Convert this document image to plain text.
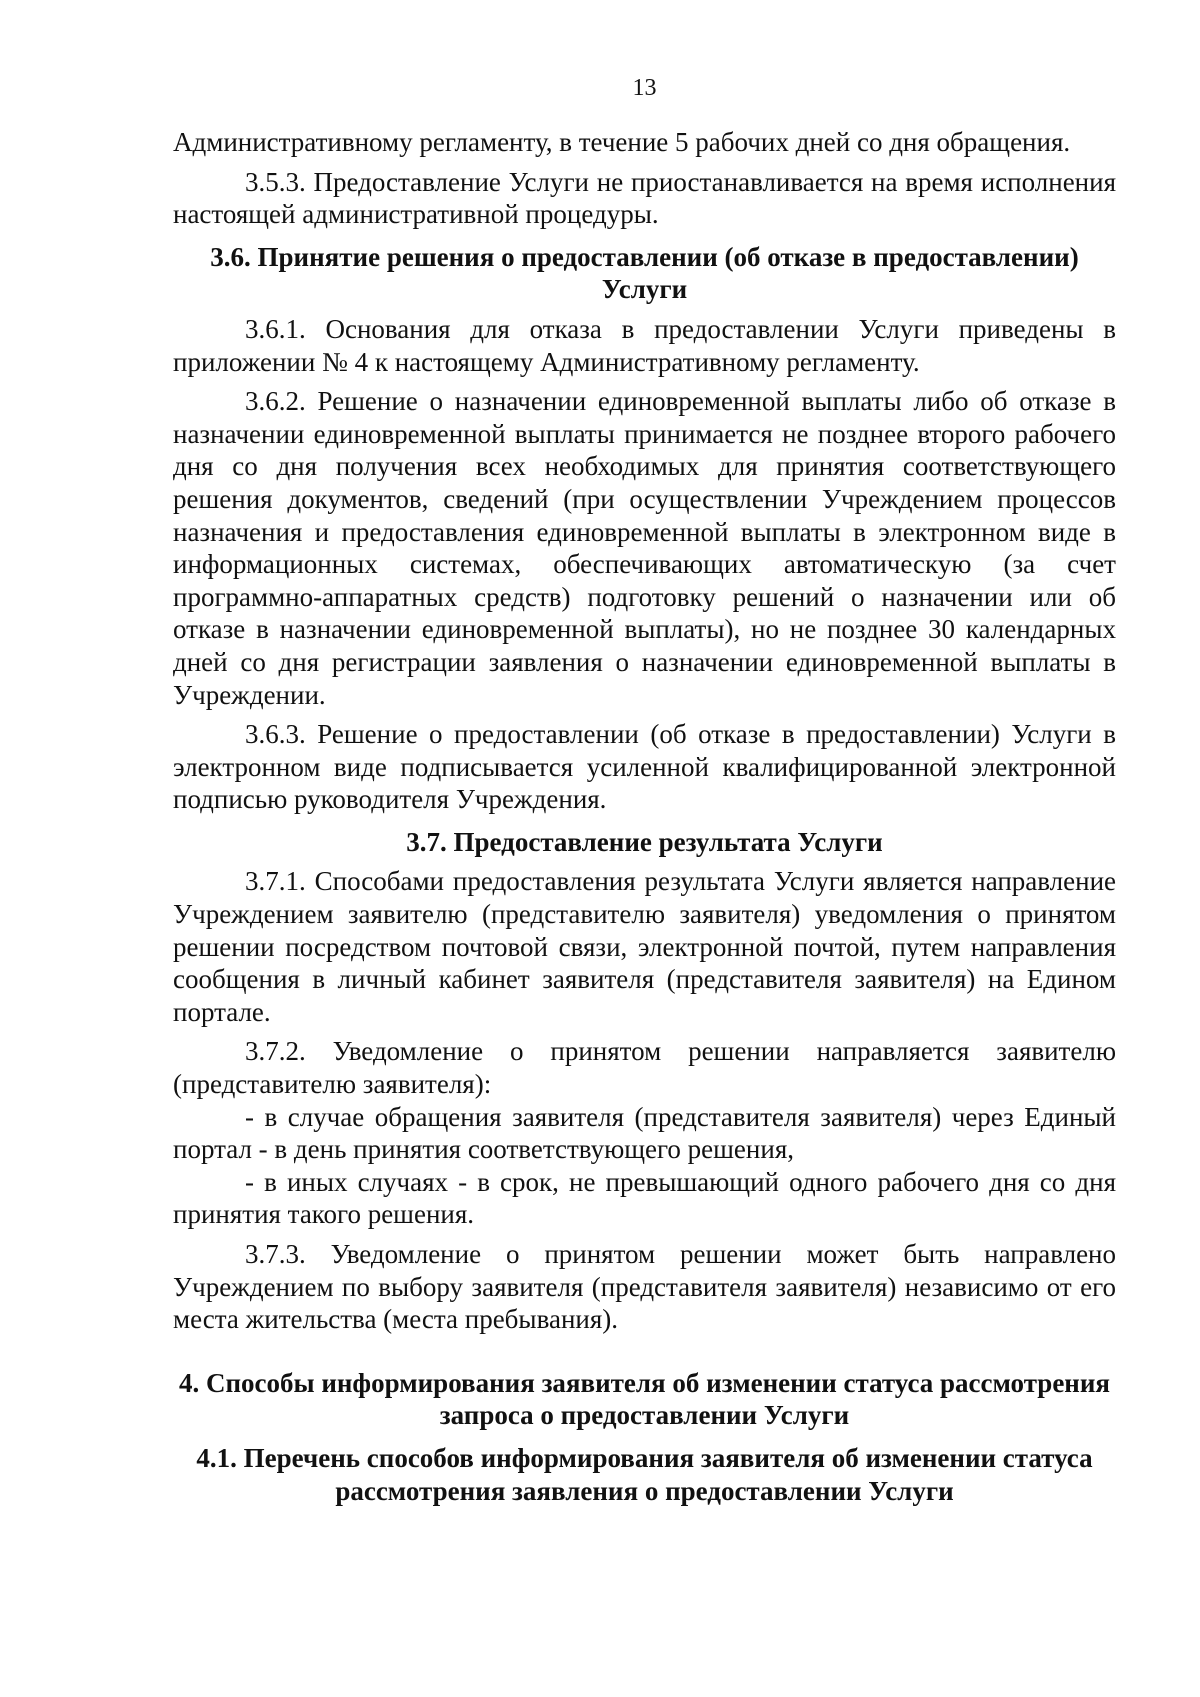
13

Административному регламенту, в течение 5 рабочих дней со дня обращения.

3.5.3. Предоставление Услуги не приостанавливается на время исполнения настоящей административной процедуры.

3.6. Принятие решения о предоставлении (об отказе в предоставлении) Услуги

3.6.1. Основания для отказа в предоставлении Услуги приведены в приложении № 4 к настоящему Административному регламенту.

3.6.2. Решение о назначении единовременной выплаты либо об отказе в назначении единовременной выплаты принимается не позднее второго рабочего дня со дня получения всех необходимых для принятия соответствующего решения документов, сведений (при осуществлении Учреждением процессов назначения и предоставления единовременной выплаты в электронном виде в информационных системах, обеспечивающих автоматическую (за счет программно-аппаратных средств) подготовку решений о назначении или об отказе в назначении единовременной выплаты), но не позднее 30 календарных дней со дня регистрации заявления о назначении единовременной выплаты в Учреждении.

3.6.3. Решение о предоставлении (об отказе в предоставлении) Услуги в электронном виде подписывается усиленной квалифицированной электронной подписью руководителя Учреждения.

3.7. Предоставление результата Услуги

3.7.1. Способами предоставления результата Услуги является направление Учреждением заявителю (представителю заявителя) уведомления о принятом решении посредством почтовой связи, электронной почтой, путем направления сообщения в личный кабинет заявителя (представителя заявителя) на Едином портале.

3.7.2. Уведомление о принятом решении направляется заявителю (представителю заявителя):

- в случае обращения заявителя (представителя заявителя) через Единый портал - в день принятия соответствующего решения,

- в иных случаях - в срок, не превышающий одного рабочего дня со дня принятия такого решения.

3.7.3. Уведомление о принятом решении может быть направлено Учреждением по выбору заявителя (представителя заявителя) независимо от его места жительства (места пребывания).

4. Способы информирования заявителя об изменении статуса рассмотрения запроса о предоставлении Услуги
4.1. Перечень способов информирования заявителя об изменении статуса рассмотрения заявления о предоставлении Услуги
